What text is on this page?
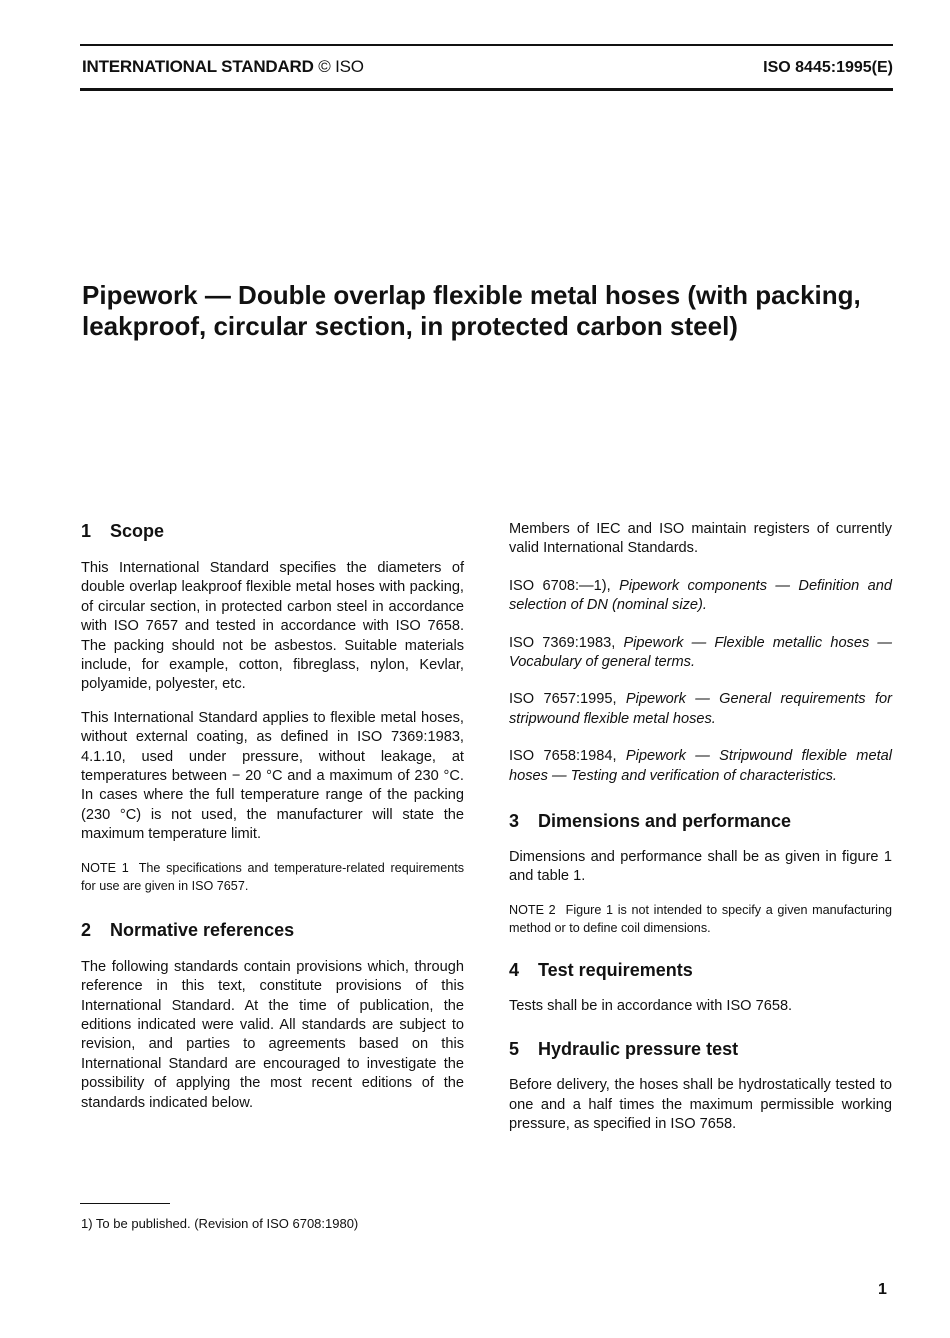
INTERNATIONAL STANDARD © ISO	ISO 8445:1995(E)
Pipework — Double overlap flexible metal hoses (with packing, leakproof, circular section, in protected carbon steel)
1 Scope

This International Standard specifies the diameters of double overlap leakproof flexible metal hoses with packing, of circular section, in protected carbon steel in accordance with ISO 7657 and tested in accordance with ISO 7658. The packing should not be asbestos. Suitable materials include, for example, cotton, fibreglass, nylon, Kevlar, polyamide, polyester, etc.

This International Standard applies to flexible metal hoses, without external coating, as defined in ISO 7369:1983, 4.1.10, used under pressure, without leakage, at temperatures between − 20 °C and a maximum of 230 °C. In cases where the full temperature range of the packing (230 °C) is not used, the manufacturer will state the maximum temperature limit.

NOTE 1 The specifications and temperature-related requirements for use are given in ISO 7657.

2 Normative references

The following standards contain provisions which, through reference in this text, constitute provisions of this International Standard. At the time of publication, the editions indicated were valid. All standards are subject to revision, and parties to agreements based on this International Standard are encouraged to investigate the possibility of applying the most recent editions of the standards indicated below.

Members of IEC and ISO maintain registers of currently valid International Standards.

ISO 6708:—1), Pipework components — Definition and selection of DN (nominal size).

ISO 7369:1983, Pipework — Flexible metallic hoses — Vocabulary of general terms.

ISO 7657:1995, Pipework — General requirements for stripwound flexible metal hoses.

ISO 7658:1984, Pipework — Stripwound flexible metal hoses — Testing and verification of characteristics.

3 Dimensions and performance

Dimensions and performance shall be as given in figure 1 and table 1.

NOTE 2 Figure 1 is not intended to specify a given manufacturing method or to define coil dimensions.

4 Test requirements

Tests shall be in accordance with ISO 7658.

5 Hydraulic pressure test

Before delivery, the hoses shall be hydrostatically tested to one and a half times the maximum permissible working pressure, as specified in ISO 7658.

1) To be published. (Revision of ISO 6708:1980)
1
